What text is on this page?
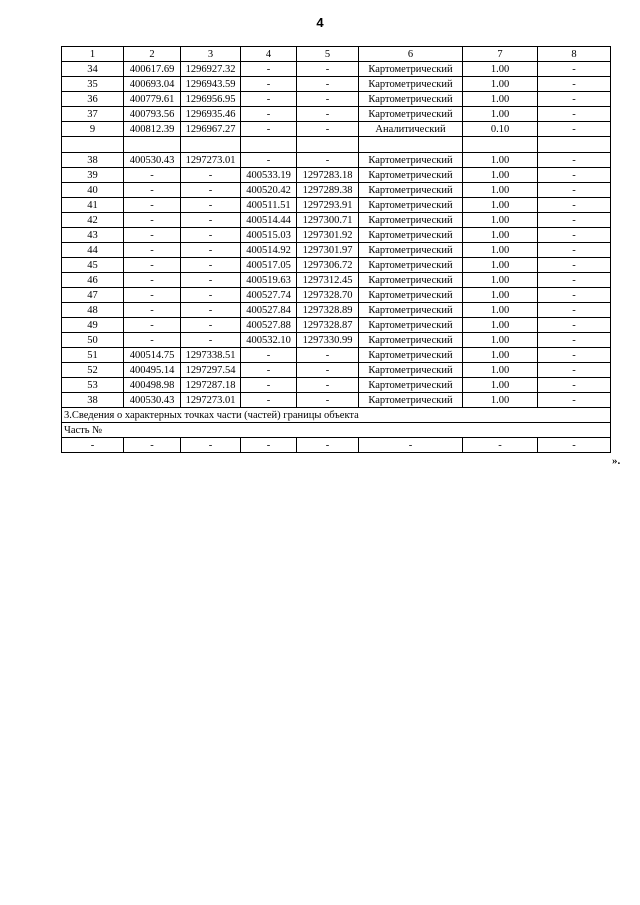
4
1	2	3	4	5	6	7	8
34	400617.69	1296927.32	-	-	Картометрический	1.00	-
35	400693.04	1296943.59	-	-	Картометрический	1.00	-
36	400779.61	1296956.95	-	-	Картометрический	1.00	-
37	400793.56	1296935.46	-	-	Картометрический	1.00	-
9	400812.39	1296967.27	-	-	Аналитический	0.10	-

38	400530.43	1297273.01	-	-	Картометрический	1.00	-
39	-	-	400533.19	1297283.18	Картометрический	1.00	-
40	-	-	400520.42	1297289.38	Картометрический	1.00	-
41	-	-	400511.51	1297293.91	Картометрический	1.00	-
42	-	-	400514.44	1297300.71	Картометрический	1.00	-
43	-	-	400515.03	1297301.92	Картометрический	1.00	-
44	-	-	400514.92	1297301.97	Картометрический	1.00	-
45	-	-	400517.05	1297306.72	Картометрический	1.00	-
46	-	-	400519.63	1297312.45	Картометрический	1.00	-
47	-	-	400527.74	1297328.70	Картометрический	1.00	-
48	-	-	400527.84	1297328.89	Картометрический	1.00	-
49	-	-	400527.88	1297328.87	Картометрический	1.00	-
50	-	-	400532.10	1297330.99	Картометрический	1.00	-
51	400514.75	1297338.51	-	-	Картометрический	1.00	-
52	400495.14	1297297.54	-	-	Картометрический	1.00	-
53	400498.98	1297287.18	-	-	Картометрический	1.00	-
38	400530.43	1297273.01	-	-	Картометрический	1.00	-
3.Сведения о характерных точках части (частей) границы объекта							
Часть №							
-	-	-	-	-	-	-	-
».
